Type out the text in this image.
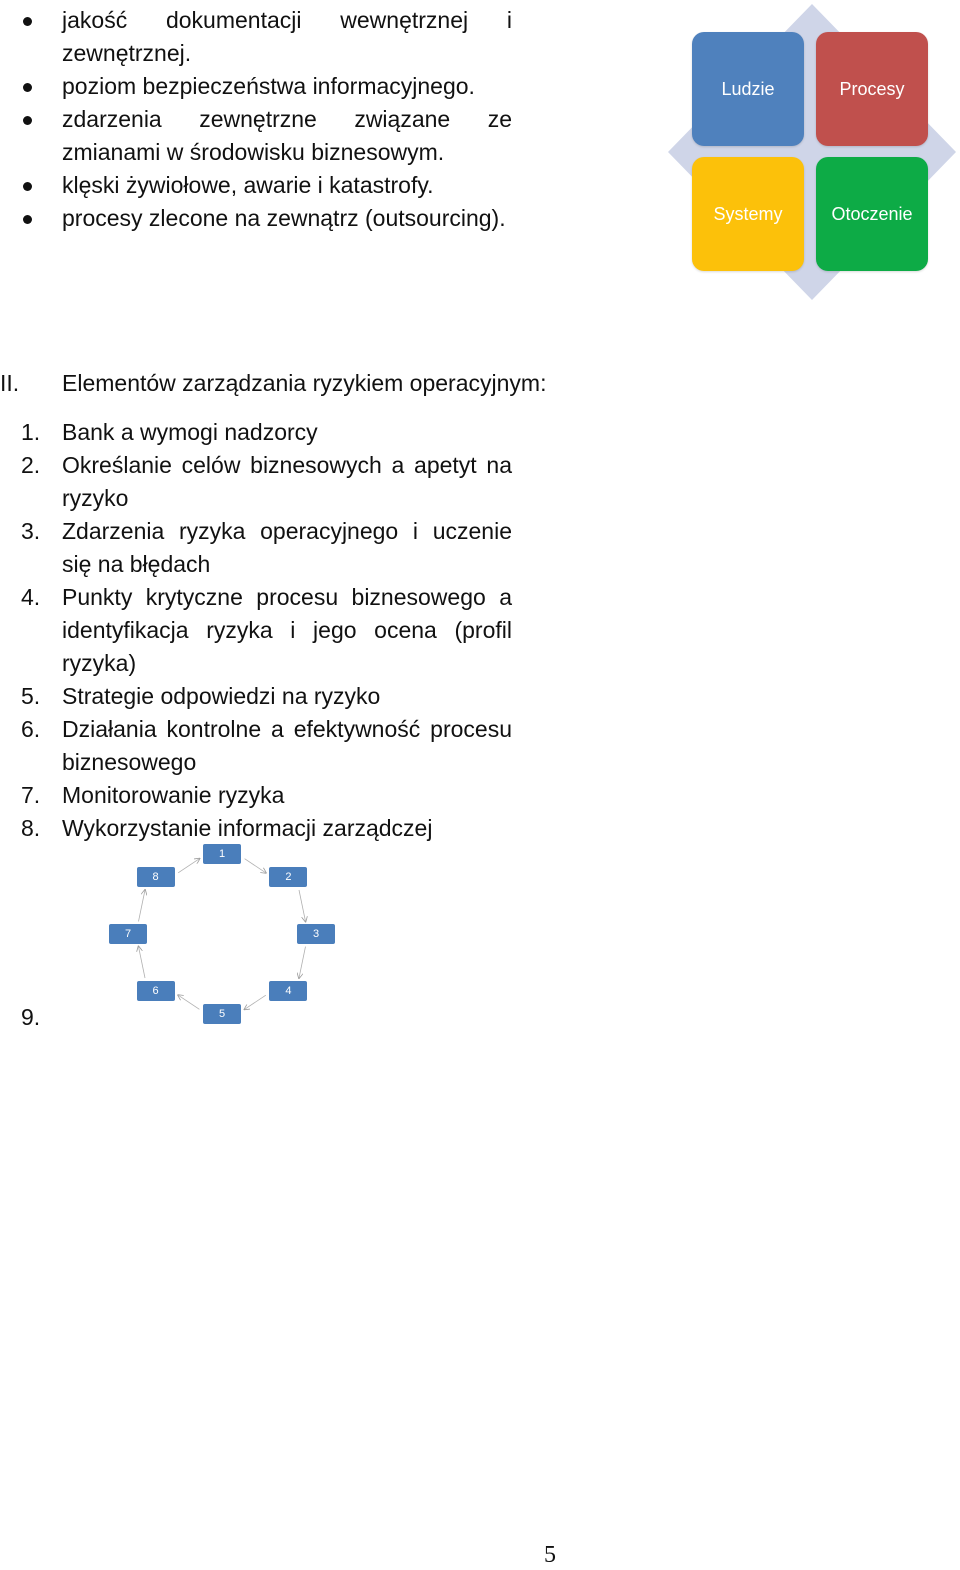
jakość dokumentacji wewnętrznej i zewnętrznej.
poziom bezpieczeństwa informacyjnego.
zdarzenia zewnętrzne związane ze zmianami w środowisku biznesowym.
klęski żywiołowe, awarie i katastrofy.
procesy zlecone na zewnątrz (outsourcing).
Ludzie	Procesy
Systemy	Otoczenie
II. Elementów zarządzania ryzykiem operacyjnym:
1. Bank a wymogi nadzorcy
2. Określanie celów biznesowych a apetyt na ryzyko
3. Zdarzenia ryzyka operacyjnego i uczenie się na błędach
4. Punkty krytyczne procesu biznesowego a identyfikacja ryzyka i jego ocena (profil ryzyka)
5. Strategie odpowiedzi na ryzyko
6. Działania kontrolne a efektywność procesu biznesowego
7. Monitorowanie ryzyka
8. Wykorzystanie informacji zarządczej
9.
1
2
3
4
5
6
7
8
5
